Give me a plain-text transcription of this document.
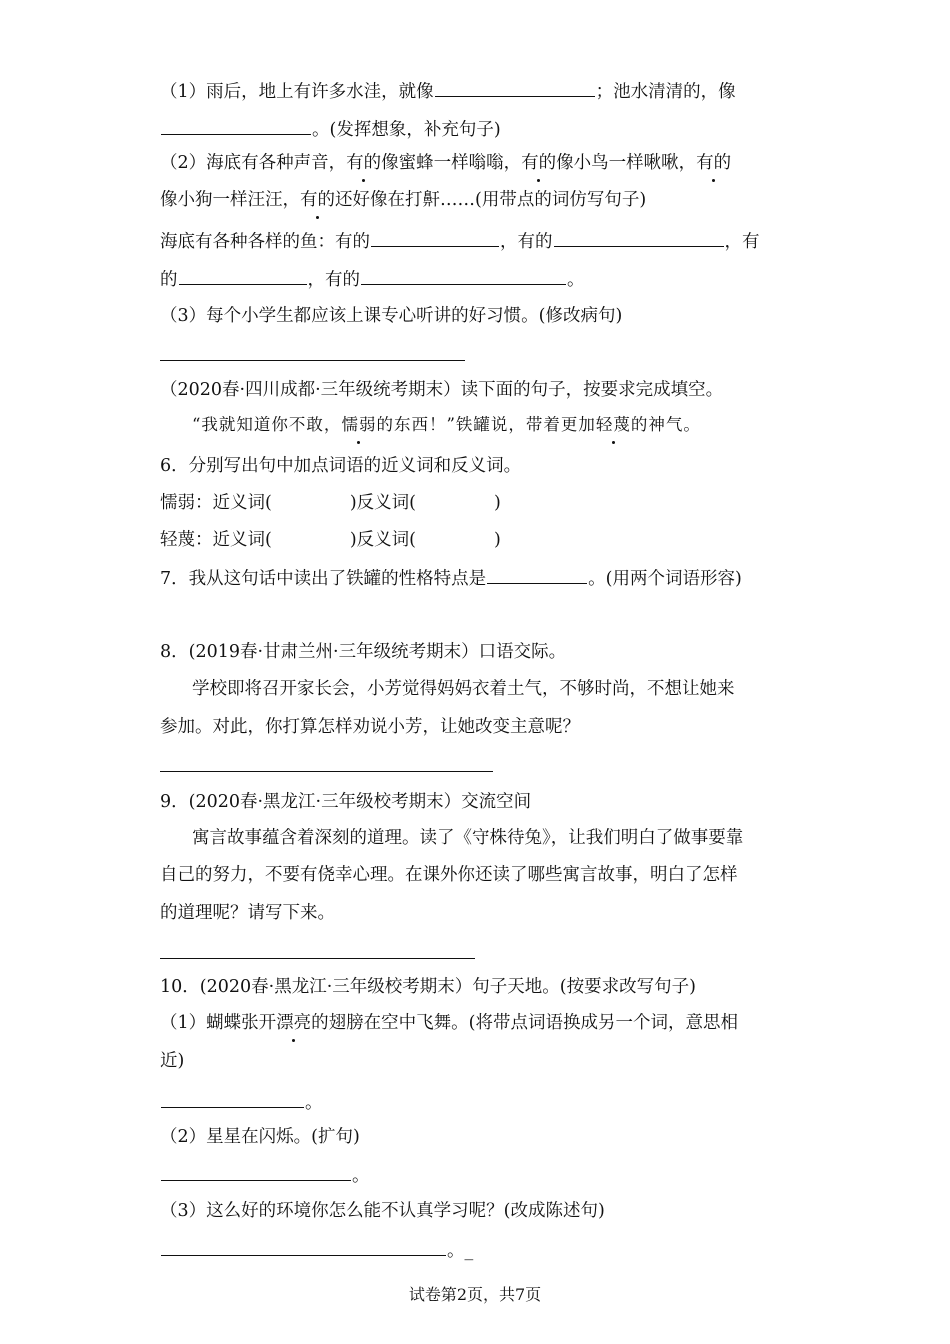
（1）雨后，地上有许多水洼，就像	；池水清清的，像
。(发挥想象，补充句子)
（2）海底有各种声音，有的像蜜蜂一样嗡嗡，有的像小鸟一样啾啾，有的
像小狗一样汪汪，有的还好像在打鼾……(用带点的词仿写句子)
海底有各种各样的鱼：有的	，有的	，有
的	，有的	。
（3）每个小学生都应该上课专心听讲的好习惯。(修改病句)
（2020春·四川成都·三年级统考期末）读下面的句子，按要求完成填空。
“我就知道你不敢，懦弱的东西！”铁罐说，带着更加轻蔑的神气。
6．分别写出句中加点词语的近义词和反义词。
懦弱：近义词(	)反义词(	)
轻蔑：近义词(	)反义词(	)
7．我从这句话中读出了铁罐的性格特点是	。(用两个词语形容)
8．(2019春·甘肃兰州·三年级统考期末）口语交际。
学校即将召开家长会，小芳觉得妈妈衣着土气，不够时尚，不想让她来
参加。对此，你打算怎样劝说小芳，让她改变主意呢？
9．(2020春·黑龙江·三年级校考期末）交流空间
寓言故事蕴含着深刻的道理。读了《守株待兔》，让我们明白了做事要靠
自己的努力，不要有侥幸心理。在课外你还读了哪些寓言故事，明白了怎样
的道理呢？请写下来。
10．(2020春·黑龙江·三年级校考期末）句子天地。(按要求改写句子)
（1）蝴蝶张开漂亮的翅膀在空中飞舞。(将带点词语换成另一个词，意思相
近)
。
（2）星星在闪烁。(扩句)
。
（3）这么好的环境你怎么能不认真学习呢？(改成陈述句)
。_
试卷第2页，共7页
